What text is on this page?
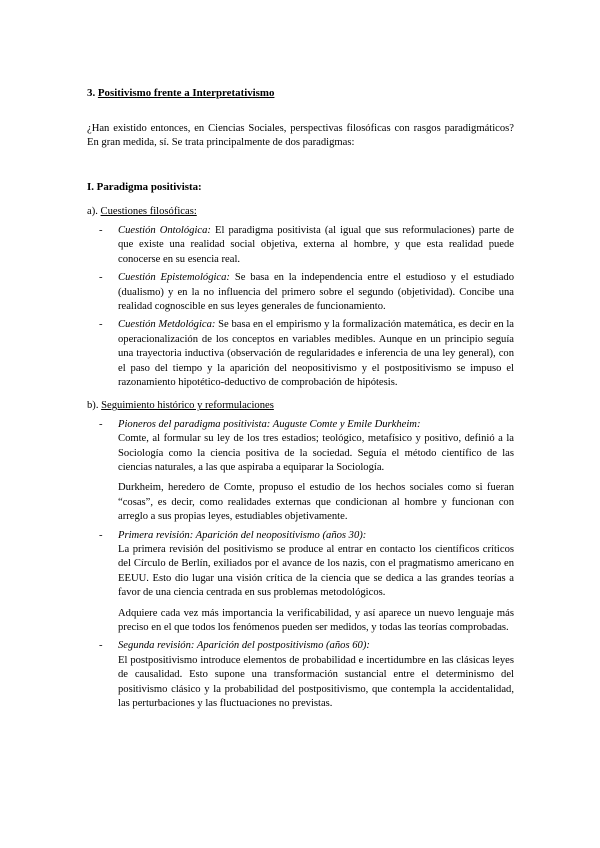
3. Positivismo frente a Interpretativismo

¿Han existido entonces, en Ciencias Sociales, perspectivas filosóficas con rasgos paradigmáticos? En gran medida, sí. Se trata principalmente de dos paradigmas:

I. Paradigma positivista:

a). Cuestiones filosóficas:

- Cuestión Ontológica: El paradigma positivista (al igual que sus reformulaciones) parte de que existe una realidad social objetiva, externa al hombre, y que esta realidad puede conocerse en su esencia real.

- Cuestión Epistemológica: Se basa en la independencia entre el estudioso y el estudiado (dualismo) y en la no influencia del primero sobre el segundo (objetividad). Concibe una realidad cognoscible en sus leyes generales de funcionamiento.

- Cuestión Metdológica: Se basa en el empirismo y la formalización matemática, es decir en la operacionalización de los conceptos en variables medibles. Aunque en un principio seguía una trayectoria inductiva (observación de regularidades e inferencia de una ley general), con el paso del tiempo y la aparición del neopositivismo y el postpositivismo se impuso el razonamiento hipotético-deductivo de comprobación de hipótesis.

b). Seguimiento histórico y reformulaciones

- Pioneros del paradigma positivista: Auguste Comte y Emile Durkheim:

Comte, al formular su ley de los tres estadios; teológico, metafísico y positivo, definió a la Sociología como la ciencia positiva de la sociedad. Seguía el método científico de las ciencias naturales, a las que aspiraba a equiparar la Sociología.

Durkheim, heredero de Comte, propuso el estudio de los hechos sociales como si fueran “cosas”, es decir, como realidades externas que condicionan al hombre y funcionan con arreglo a sus propias leyes, estudiables objetivamente.

- Primera revisión: Aparición del neopositivismo (años 30):

La primera revisión del positivismo se produce al entrar en contacto los científicos críticos del Círculo de Berlín, exiliados por el avance de los nazis, con el pragmatismo americano en EEUU. Esto dio lugar una visión crítica de la ciencia que se dedica a las grandes teorías a favor de una ciencia centrada en sus problemas metodológicos.

Adquiere cada vez más importancia la verificabilidad, y así aparece un nuevo lenguaje más preciso en el que todos los fenómenos pueden ser medidos, y todas las teorías comprobadas.

- Segunda revisión: Aparición del postpositivismo (años 60):

El postpositivismo introduce elementos de probabilidad e incertidumbre en las clásicas leyes de causalidad. Esto supone una transformación sustancial entre el determinismo del positivismo clásico y la probabilidad del postpositivismo, que contempla la accidentalidad, las perturbaciones y las fluctuaciones no previstas.
